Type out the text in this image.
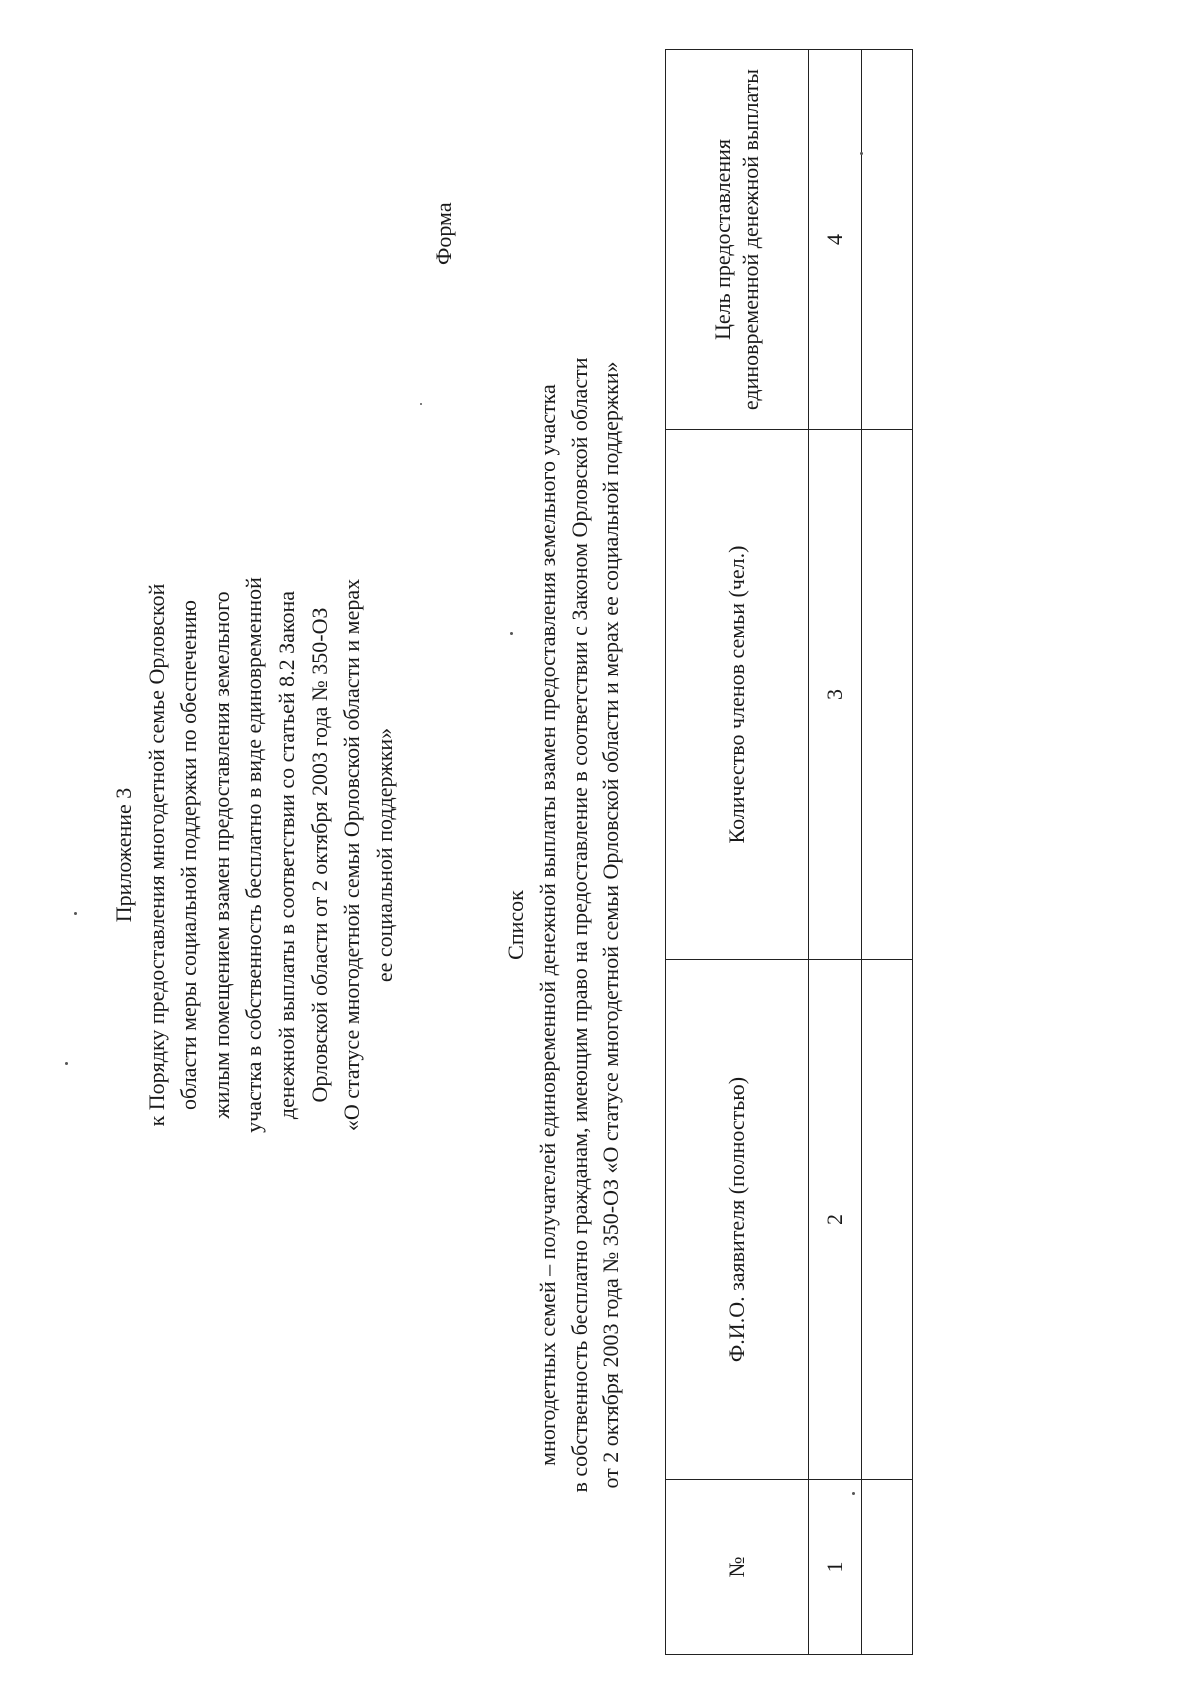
Приложение 3 к Порядку предоставления многодетной семье Орловской области меры социальной поддержки по обеспечению жилым помещением взамен предоставления земельного участка в собственность бесплатно в виде единовременной денежной выплаты в соответствии со статьей 8.2 Закона Орловской области от 2 октября 2003 года № 350-ОЗ «О статусе многодетной семьи Орловской области и мерах ее социальной поддержки»
Форма
Список многодетных семей – получателей единовременной денежной выплаты взамен предоставления земельного участка в собственность бесплатно гражданам, имеющим право на предоставление в соответствии с Законом Орловской области от 2 октября 2003 года № 350-ОЗ «О статусе многодетной семьи Орловской области и мерах ее социальной поддержки»
№	Ф.И.О. заявителя (полностью)	Количество членов семьи (чел.)	Цель предоставления единовременной денежной выплаты
1	2	3	4
